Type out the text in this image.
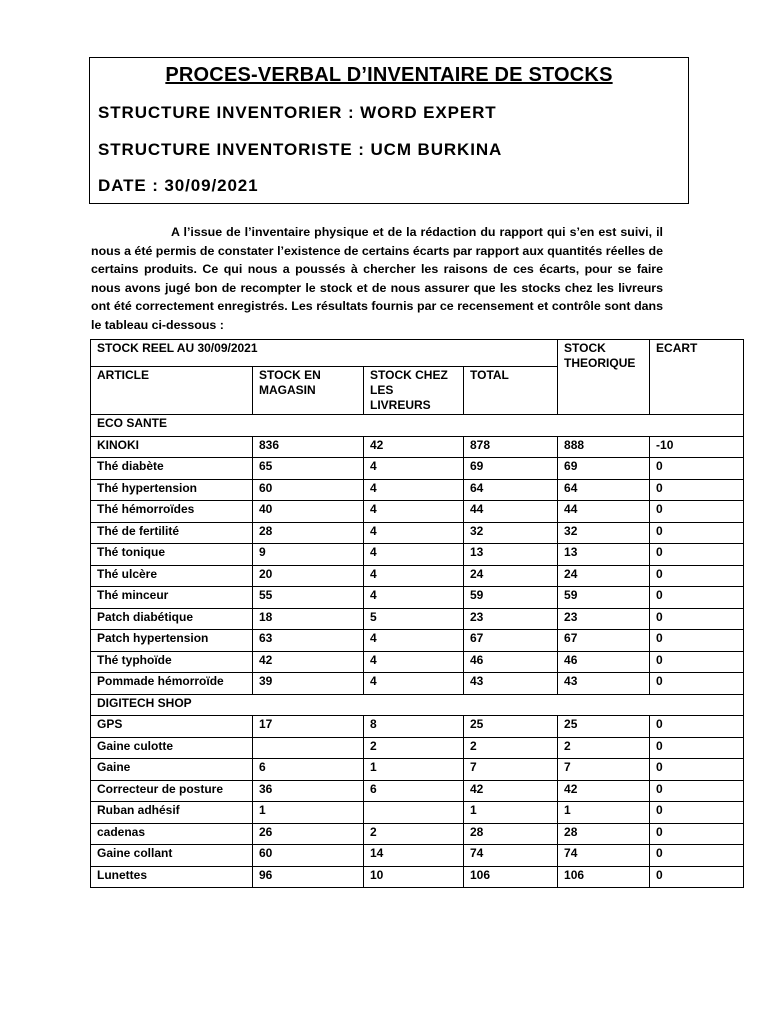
PROCES-VERBAL D’INVENTAIRE DE STOCKS
STRUCTURE INVENTORIER : WORD EXPERT
STRUCTURE INVENTORISTE : UCM BURKINA
DATE : 30/09/2021
A l’issue de l’inventaire physique et de la rédaction du rapport qui s’en est suivi, il nous a été permis de constater l’existence de certains écarts par rapport aux quantités réelles de certains produits. Ce qui nous a poussés à chercher les raisons de ces écarts, pour se faire nous avons jugé bon de recompter le stock et de nous assurer que les stocks chez les livreurs ont été correctement enregistrés. Les résultats fournis par ce recensement et contrôle sont dans le tableau ci-dessous :
STOCK REEL AU 30/09/2021				STOCK THEORIQUE	ECART
ARTICLE	STOCK EN MAGASIN	STOCK CHEZ LES LIVREURS	TOTAL		
ECO SANTE					
KINOKI	836	42	878	888	-10
Thé diabète	65	4	69	69	0
Thé hypertension	60	4	64	64	0
Thé hémorroïdes	40	4	44	44	0
Thé de fertilité	28	4	32	32	0
Thé tonique	9	4	13	13	0
Thé ulcère	20	4	24	24	0
Thé minceur	55	4	59	59	0
Patch diabétique	18	5	23	23	0
Patch hypertension	63	4	67	67	0
Thé typhoïde	42	4	46	46	0
Pommade hémorroïde	39	4	43	43	0
DIGITECH SHOP					
GPS	17	8	25	25	0
Gaine culotte		2	2	2	0
Gaine	6	1	7	7	0
Correcteur de posture	36	6	42	42	0
Ruban adhésif	1		1	1	0
cadenas	26	2	28	28	0
Gaine collant	60	14	74	74	0
Lunettes	96	10	106	106	0
